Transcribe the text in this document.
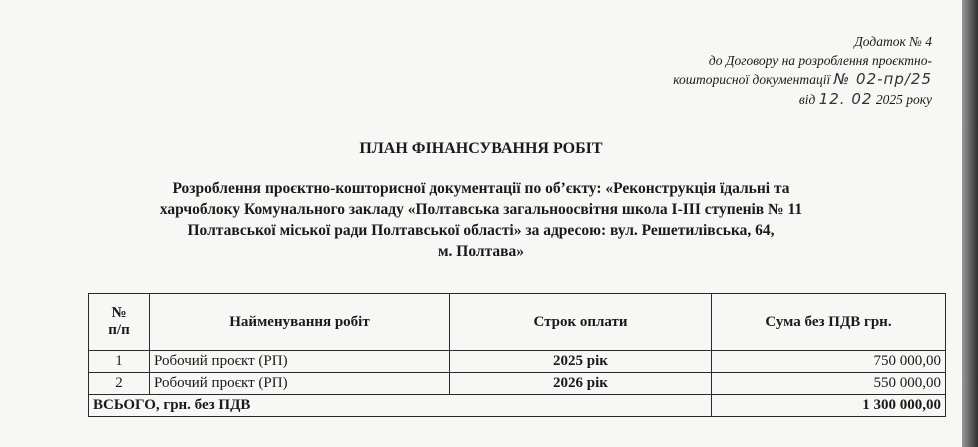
Додаток № 4
до Договору на розроблення проєктно-
кошторисної документації № 02-пр/25
від 12. 02 2025 року
ПЛАН ФІНАНСУВАННЯ РОБІТ
Розроблення проєктно-кошторисної документації по об’єкту: «Реконструкція їдальні та
харчоблоку Комунального закладу «Полтавська загальноосвітня школа І-ІІІ ступенів № 11
Полтавської міської ради Полтавської області» за адресою: вул. Решетилівська, 64,
м. Полтава»
№
п/п	Найменування робіт	Строк оплати	Сума без ПДВ грн.
1	Робочий проєкт (РП)	2025 рік	750 000,00
2	Робочий проєкт (РП)	2026 рік	550 000,00
ВСЬОГО, грн. без ПДВ			1 300 000,00
